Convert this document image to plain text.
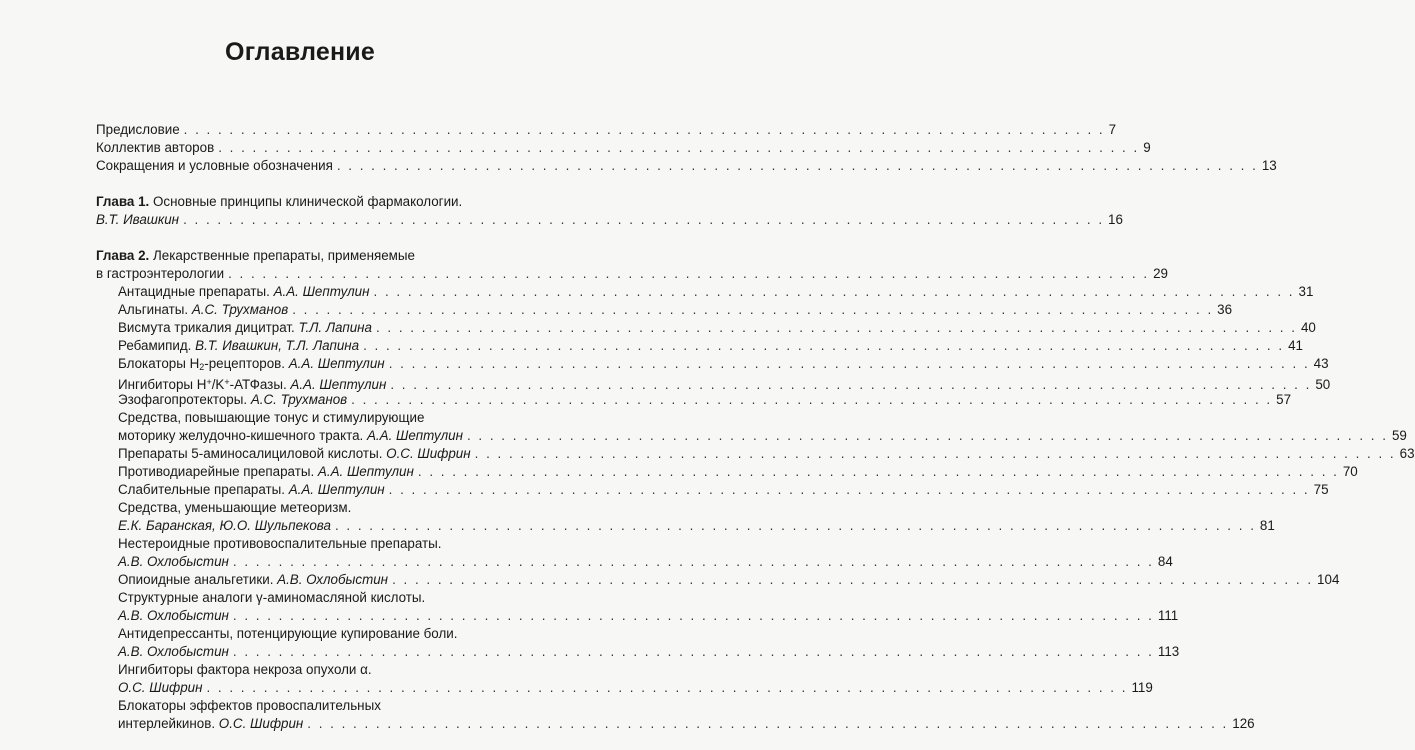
Оглавление
Предисловие . . .	7
Коллектив авторов . . .	9
Сокращения и условные обозначения . . .	13
Глава 1. Основные принципы клинической фармакологии.
В.Т. Ивашкин . . .	16
Глава 2. Лекарственные препараты, применяемые
в гастроэнтерологии . . .	29
Антацидные препараты. А.А. Шептулин . . .	31
Альгинаты. А.С. Трухманов . . .	36
Висмута трикалия дицитрат. Т.Л. Лапина . . .	40
Ребамипид. В.Т. Ивашкин, Т.Л. Лапина . . .	41
Блокаторы $H_2$-рецепторов. А.А. Шептулин . . .	43
Ингибиторы H+/K+-АТФазы. А.А. Шептулин . . .	50
Эзофагопротекторы. А.С. Трухманов . . .	57
Средства, повышающие тонус и стимулирующие
моторику желудочно-кишечного тракта. А.А. Шептулин . . .	59
Препараты 5-аминосалициловой кислоты. О.С. Шифрин . . .	63
Противодиарейные препараты. А.А. Шептулин . . .	70
Слабительные препараты. А.А. Шептулин . . .	75
Средства, уменьшающие метеоризм.
Е.К. Баранская, Ю.О. Шульпекова . . .	81
Нестероидные противовоспалительные препараты.
А.В. Охлобыстин . . .	84
Опиоидные анальгетики. А.В. Охлобыстин . . .	104
Структурные аналоги γ-аминомасляной кислоты.
А.В. Охлобыстин . . .	111
Антидепрессанты, потенцирующие купирование боли.
А.В. Охлобыстин . . .	113
Ингибиторы фактора некроза опухоли α.
О.С. Шифрин . . .	119
Блокаторы эффектов провоспалительных
интерлейкинов. О.С. Шифрин . . .	126
